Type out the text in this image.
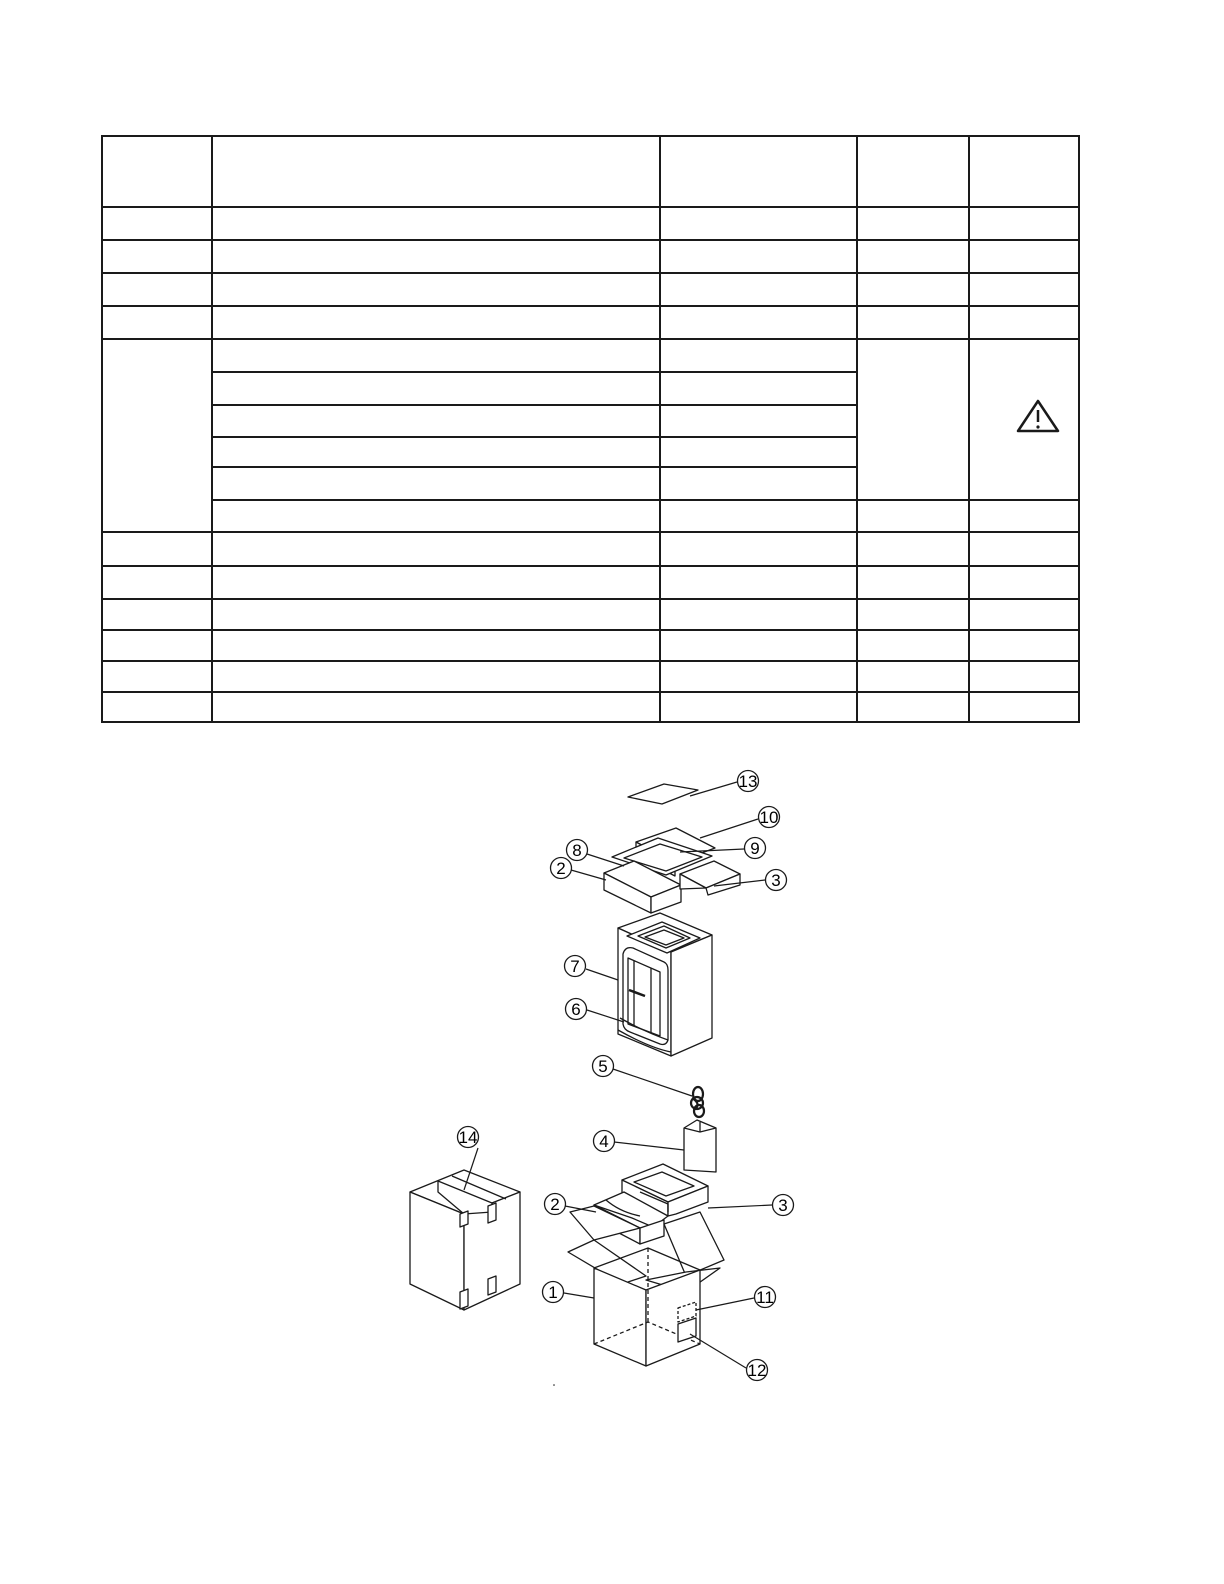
13
10
8	9
2
3
7
6
5
4
14
2	3
1	11
12
